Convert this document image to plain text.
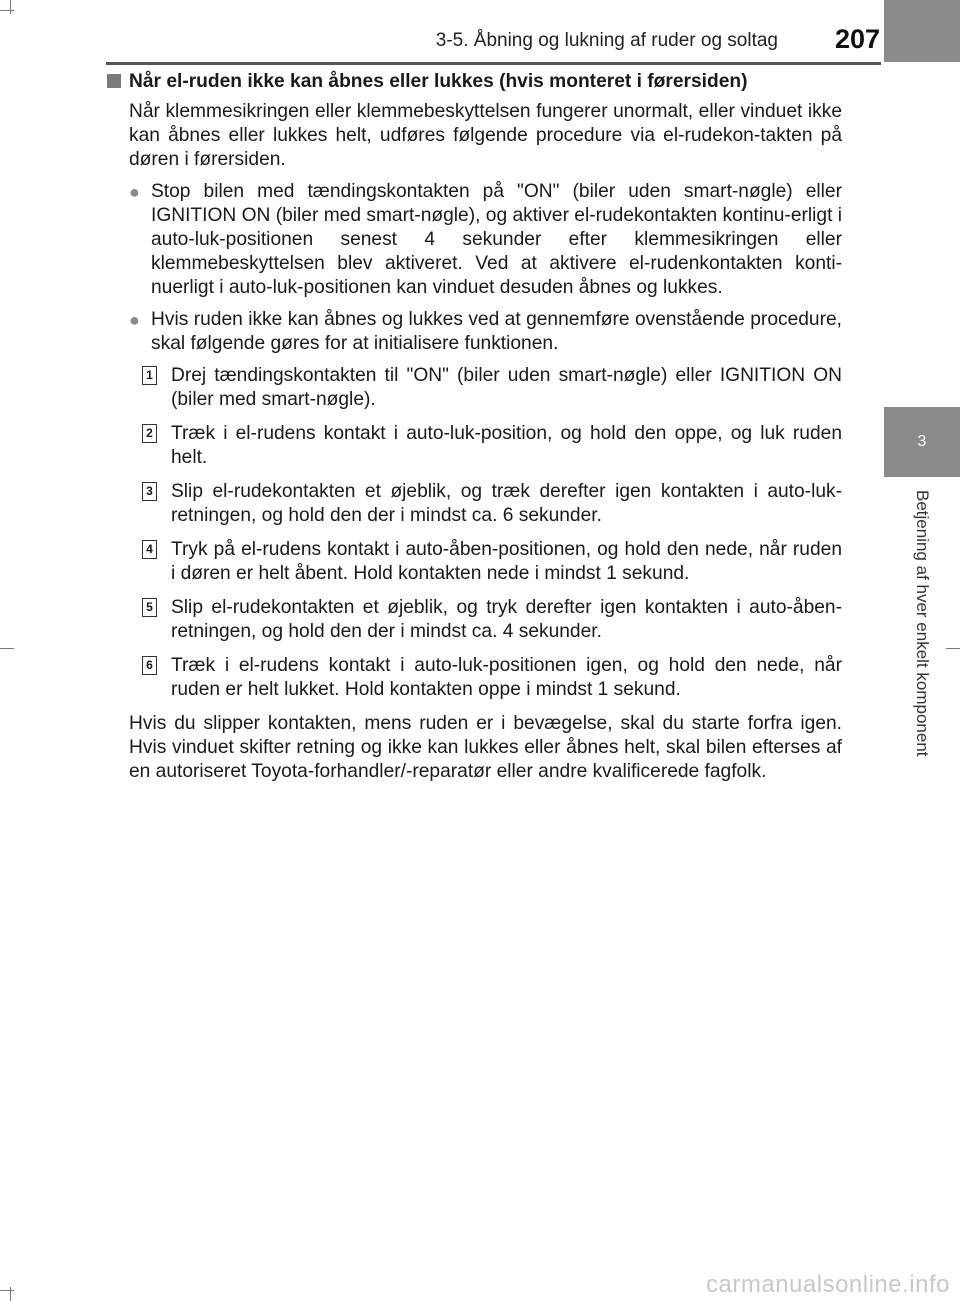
3-5. Åbning og lukning af ruder og soltag	207
3
Betjening af hver enkelt komponent
Når el-ruden ikke kan åbnes eller lukkes (hvis monteret i førersiden)

Når klemmesikringen eller klemmebeskyttelsen fungerer unormalt, eller vinduet ikke kan åbnes eller lukkes helt, udføres følgende procedure via el-rudekon-takten på døren i førersiden.

● Stop bilen med tændingskontakten på "ON" (biler uden smart-nøgle) eller IGNITION ON (biler med smart-nøgle), og aktiver el-rudekontakten kontinu-erligt i auto-luk-positionen senest 4 sekunder efter klemmesikringen eller klemmebeskyttelsen blev aktiveret. Ved at aktivere el-rudenkontakten konti-nuerligt i auto-luk-positionen kan vinduet desuden åbnes og lukkes.
● Hvis ruden ikke kan åbnes og lukkes ved at gennemføre ovenstående procedure, skal følgende gøres for at initialisere funktionen.
1 Drej tændingskontakten til "ON" (biler uden smart-nøgle) eller IGNITION ON (biler med smart-nøgle).
2 Træk i el-rudens kontakt i auto-luk-position, og hold den oppe, og luk ruden helt.
3 Slip el-rudekontakten et øjeblik, og træk derefter igen kontakten i auto-luk-retningen, og hold den der i mindst ca. 6 sekunder.
4 Tryk på el-rudens kontakt i auto-åben-positionen, og hold den nede, når ruden i døren er helt åbent. Hold kontakten nede i mindst 1 sekund.
5 Slip el-rudekontakten et øjeblik, og tryk derefter igen kontakten i auto-åben-retningen, og hold den der i mindst ca. 4 sekunder.
6 Træk i el-rudens kontakt i auto-luk-positionen igen, og hold den nede, når ruden er helt lukket. Hold kontakten oppe i mindst 1 sekund.

Hvis du slipper kontakten, mens ruden er i bevægelse, skal du starte forfra igen. Hvis vinduet skifter retning og ikke kan lukkes eller åbnes helt, skal bilen efterses af en autoriseret Toyota-forhandler/-reparatør eller andre kvalificerede fagfolk.

carmanualsonline.info
